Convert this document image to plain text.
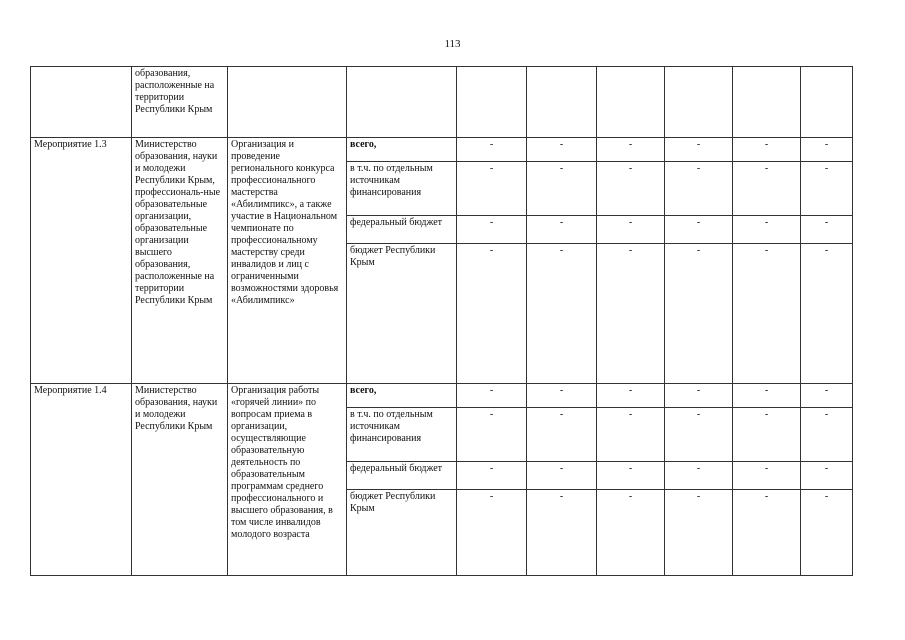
113
	образования, расположенные на территории Республики Крым								
Мероприятие 1.3	Министерство образования, науки и молодежи Республики Крым, профессиональ-ные образовательные организации, образовательные организации высшего образования, расположенные на территории Республики Крым	Организация и проведение регионального конкурса профессионального мастерства «Абилимпикс», а также участие в Национальном чемпионате по профессиональному мастерству среди инвалидов и лиц с ограниченными возможностями здоровья «Абилимпикс»	всего,	-	-	-	-	-	-
			в т.ч. по отдельным источникам финансирования	-	-	-	-	-	-
			федеральный бюджет	-	-	-	-	-	-
			бюджет Республики Крым	-	-	-	-	-	-
Мероприятие 1.4	Министерство образования, науки и молодежи Республики Крым	Организация работы «горячей линии» по вопросам приема в организации, осуществляющие образовательную деятельность по образовательным программам среднего профессионального и высшего образования, в том числе инвалидов молодого возраста	всего,	-	-	-	-	-	-
			в т.ч. по отдельным источникам финансирования	-	-	-	-	-	-
			федеральный бюджет	-	-	-	-	-	-
			бюджет Республики Крым	-	-	-	-	-	-
